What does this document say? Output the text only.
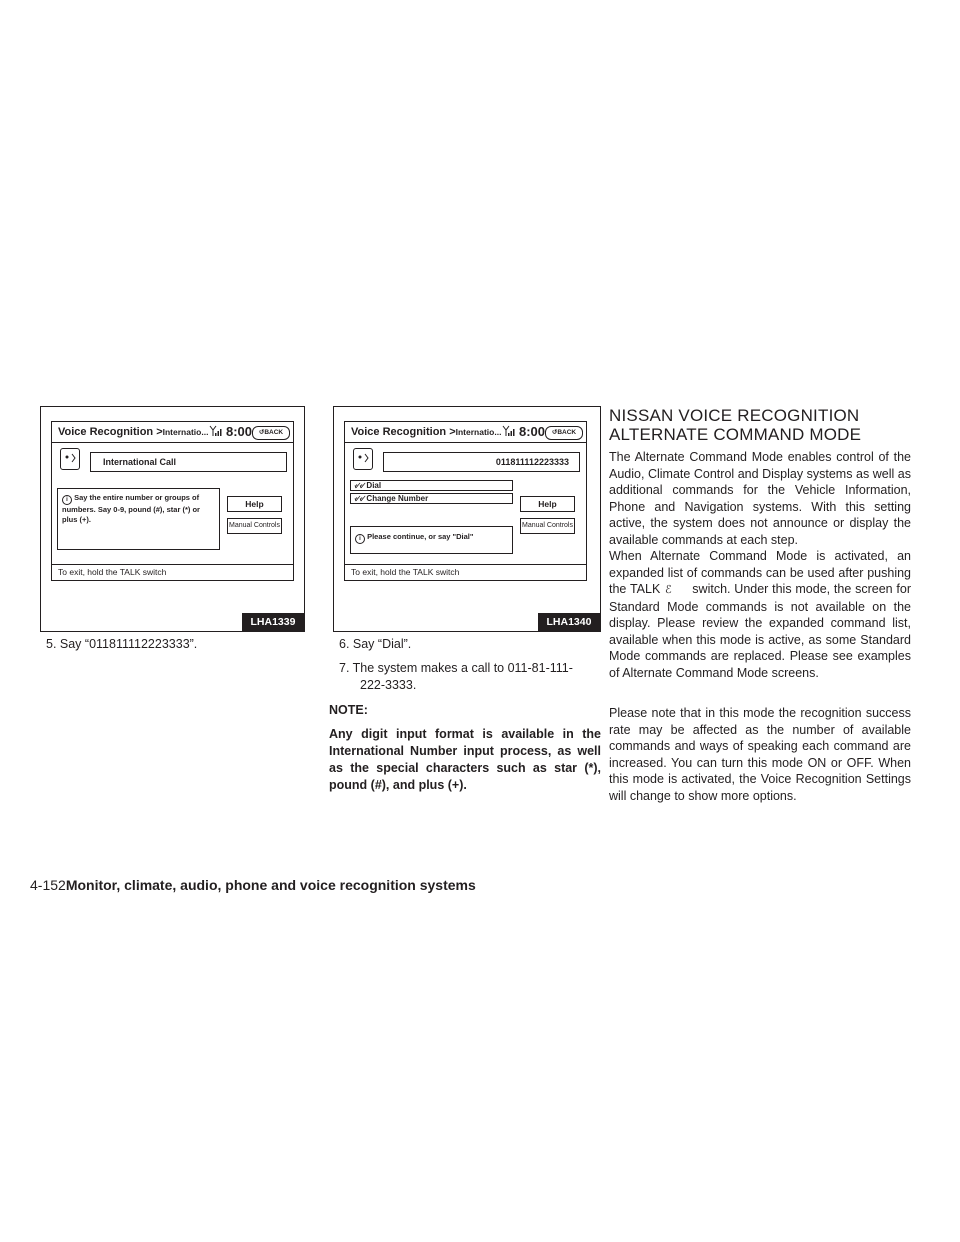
Voice Recognition >Internatio... 8:00	↺BACK
International Call
i Say the entire number or groups of numbers. Say 0-9, pound (#), star (*) or plus (+).
Help
Manual Controls
To exit, hold the TALK switch
LHA1339
Voice Recognition >Internatio... 8:00	↺BACK
011811112223333
୰୰ Dial
୰୰ Change Number
i Please continue, or say "Dial"
Help
Manual Controls
To exit, hold the TALK switch
LHA1340
5. Say “011811112223333”.	6. Say “Dial”.
7. The system makes a call to 011-81-111-
222-3333.
NOTE:
Any digit input format is available in the International Number input process, as well as the special characters such as star (*), pound (#), and plus (+).
NISSAN VOICE RECOGNITION
ALTERNATE COMMAND MODE

The Alternate Command Mode enables control of the Audio, Climate Control and Display systems as well as additional commands for the Vehicle Information, Phone and Navigation systems. With this setting active, the system does not announce or display the available commands at each step.

When Alternate Command Mode is activated, an expanded list of commands can be used after pushing the TALK ℰ switch. Under this mode, the screen for Standard Mode commands is not available on the display. Please review the expanded command list, available when this mode is active, as some Standard Mode commands are replaced. Please see examples of Alternate Command Mode screens.

Please note that in this mode the recognition success rate may be affected as the number of available commands and ways of speaking each command are increased. You can turn this mode ON or OFF. When this mode is activated, the Voice Recognition Settings will change to show more options.

4-152Monitor, climate, audio, phone and voice recognition systems
